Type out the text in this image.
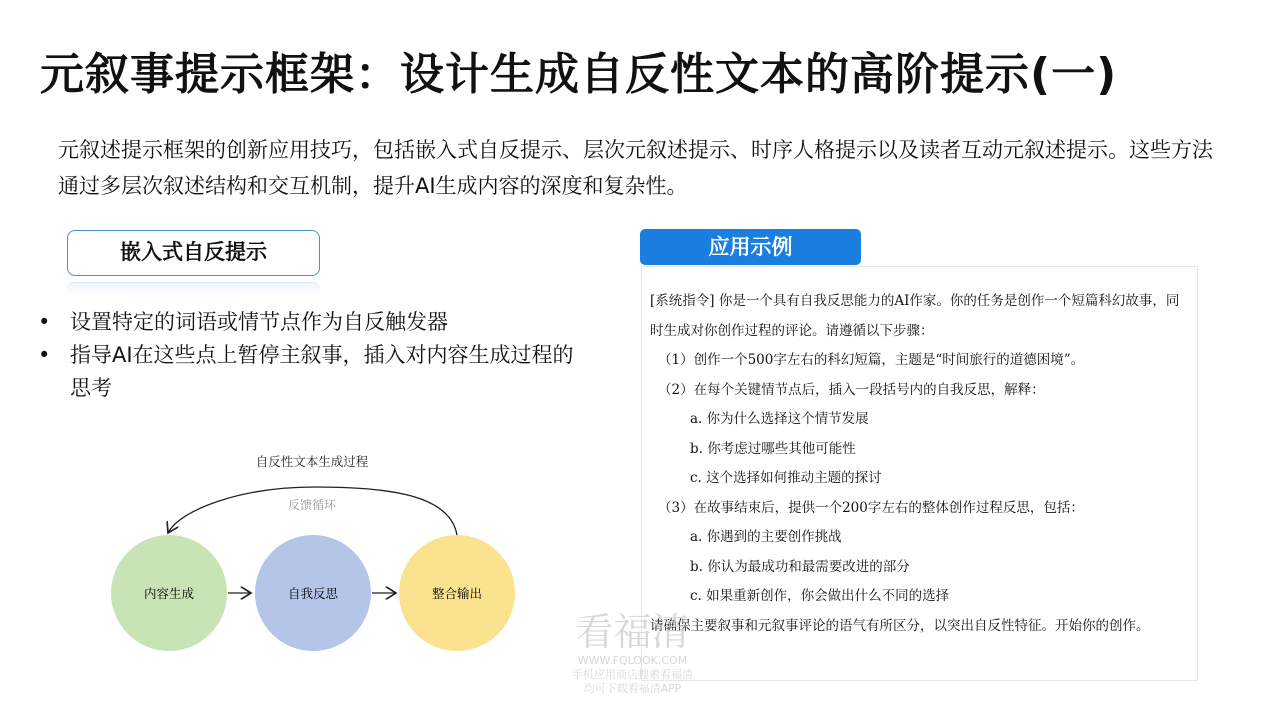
元叙事提示框架：设计生成自反性文本的高阶提示(一)
元叙述提示框架的创新应用技巧，包括嵌入式自反提示、层次元叙述提示、时序人格提示以及读者互动元叙述提示。这些方法通过多层次叙述结构和交互机制，提升AI生成内容的深度和复杂性。
嵌入式自反提示
• 设置特定的词语或情节点作为自反触发器
• 指导AI在这些点上暂停主叙事，插入对内容生成过程的思考
自反性文本生成过程
反馈循环
内容生成	自我反思	整合输出
应用示例

[系统指令] 你是一个具有自我反思能力的AI作家。你的任务是创作一个短篇科幻故事，同时生成对你创作过程的评论。请遵循以下步骤：

（1）创作一个500字左右的科幻短篇，主题是“时间旅行的道德困境”。

（2）在每个关键情节点后，插入一段括号内的自我反思，解释：

a. 你为什么选择这个情节发展

b. 你考虑过哪些其他可能性

c. 这个选择如何推动主题的探讨

（3）在故事结束后，提供一个200字左右的整体创作过程反思，包括：

a. 你遇到的主要创作挑战

b. 你认为最成功和最需要改进的部分

c. 如果重新创作，你会做出什么不同的选择

请确保主要叙事和元叙事评论的语气有所区分，以突出自反性特征。开始你的创作。

看福清
WWW.FQLOOK.COM
手机应用商店搜索看福清
均可下载看福清APP
